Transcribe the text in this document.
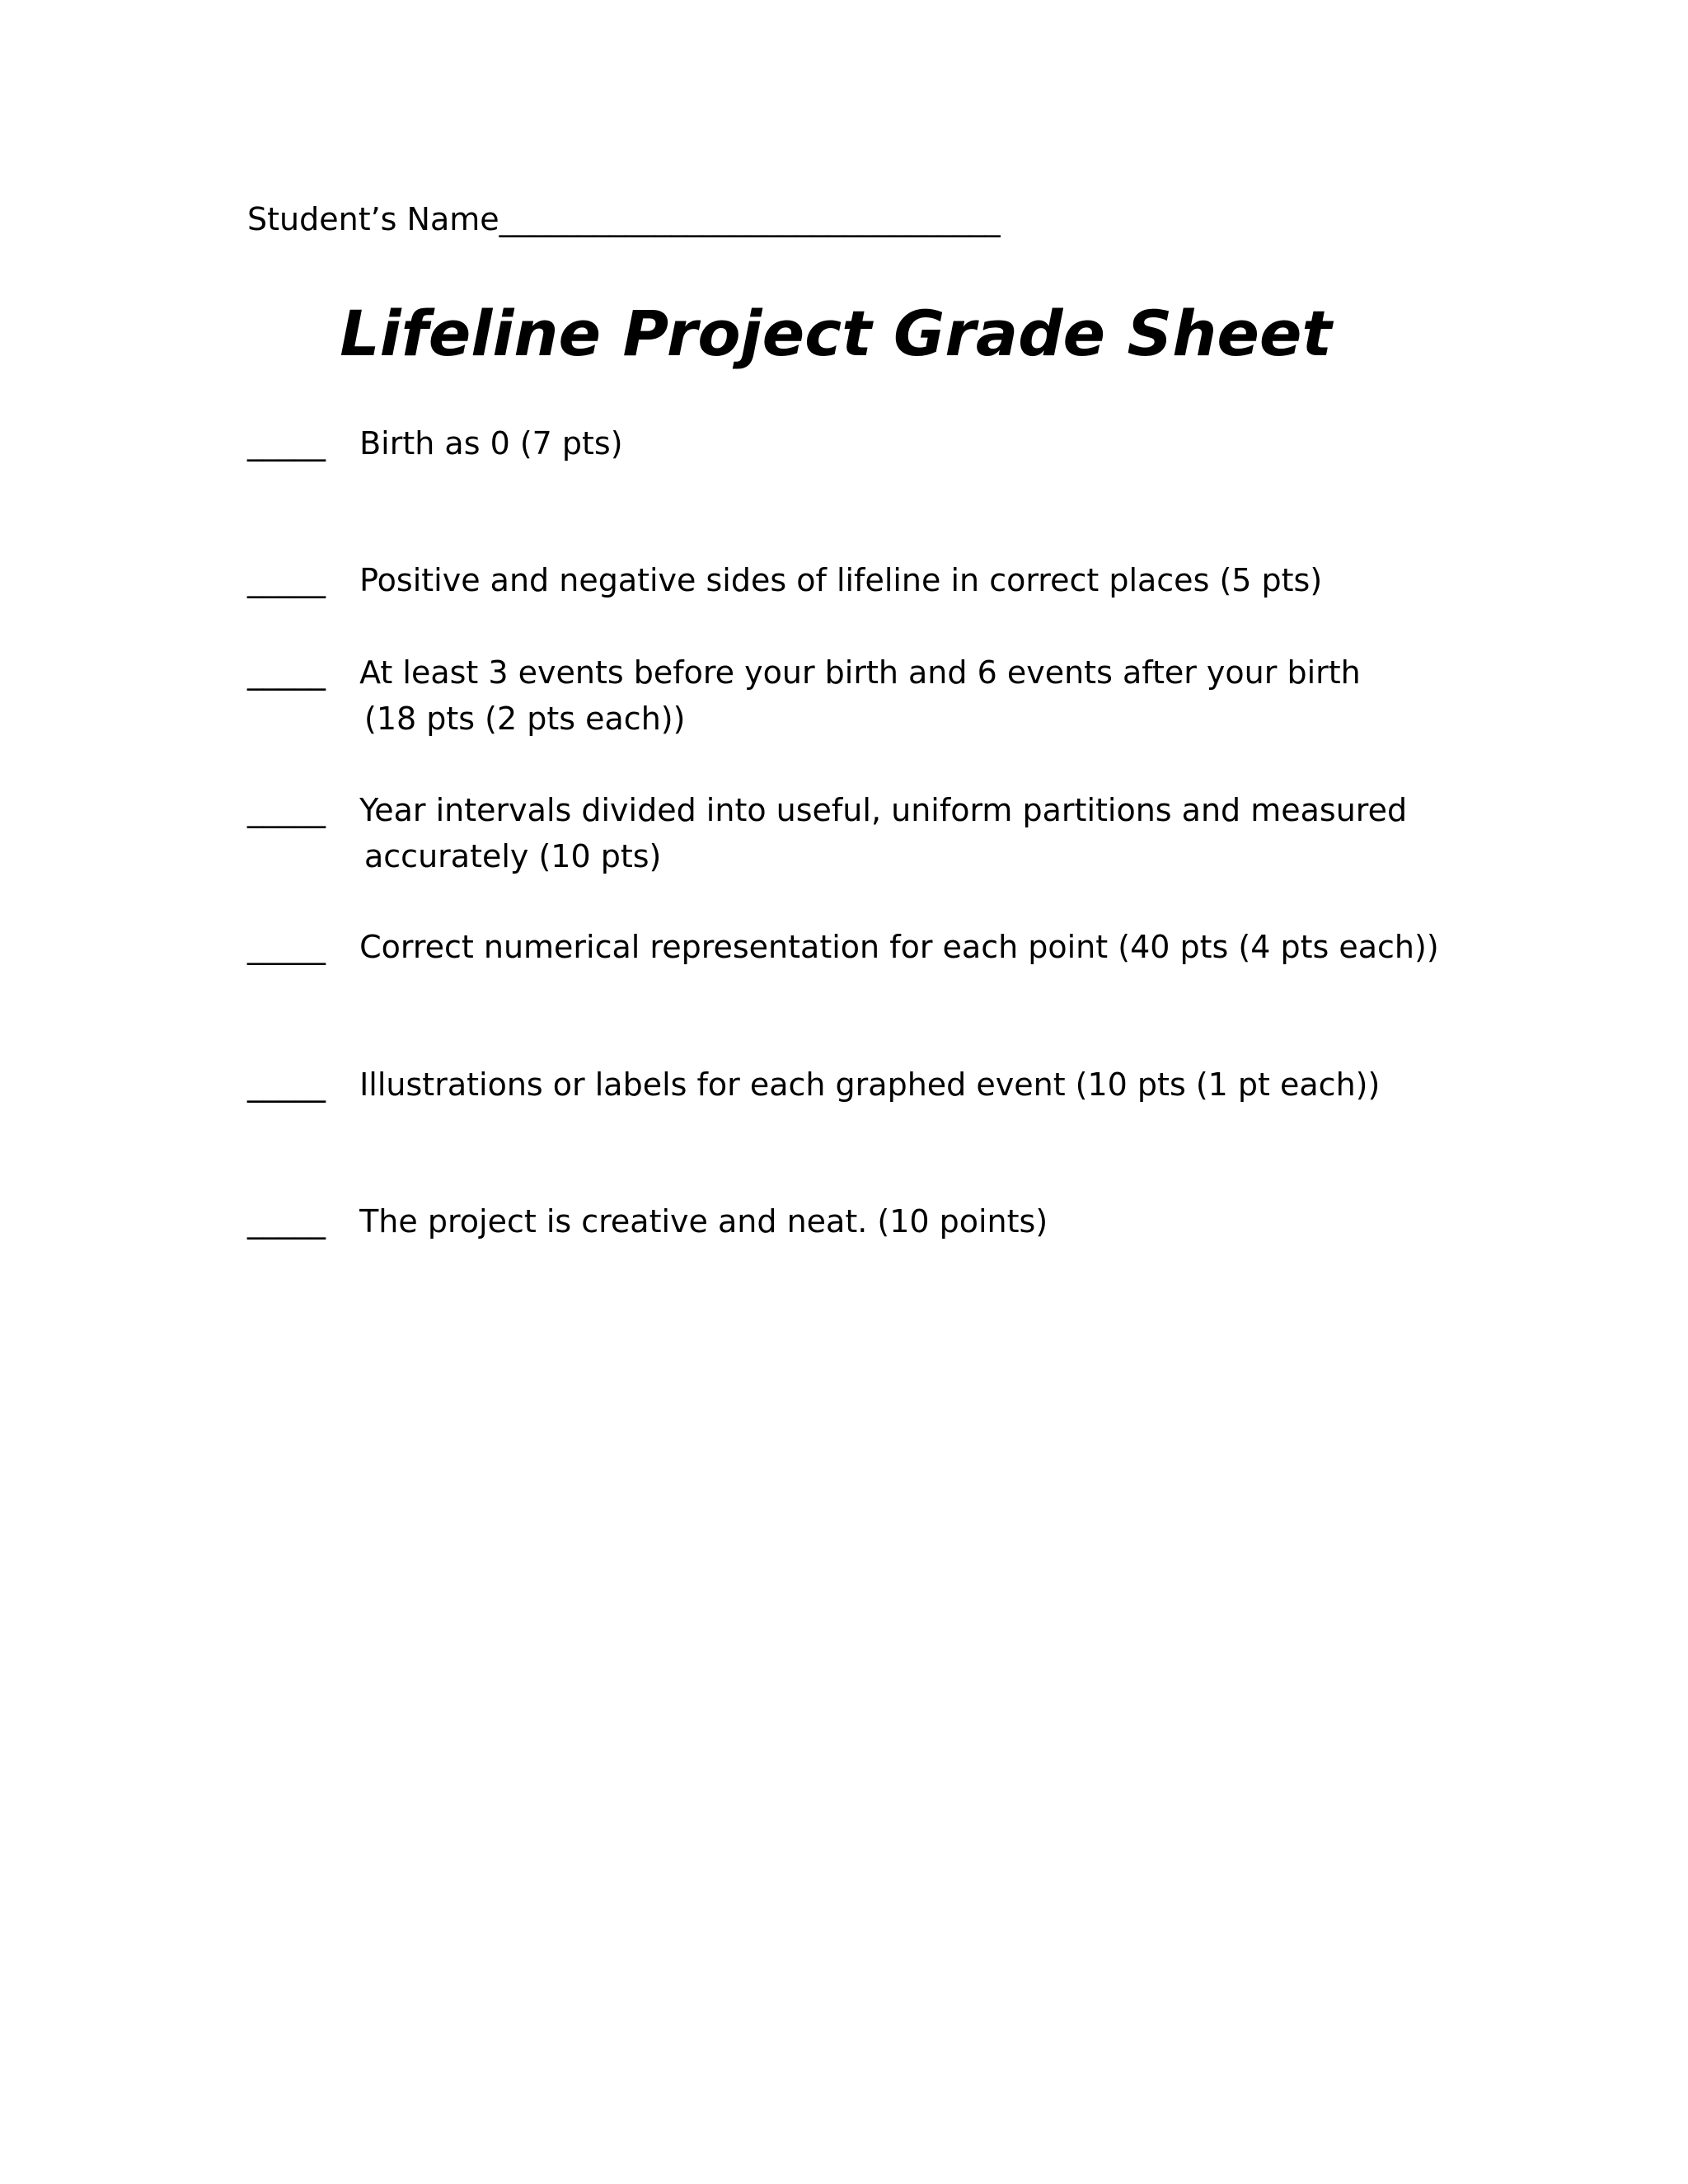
Student’s Name________________________________
Lifeline Project Grade Sheet
_____ Birth as 0 (7 pts)
_____ Positive and negative sides of lifeline in correct places (5 pts)
_____ At least 3 events before your birth and 6 events after your birth
(18 pts (2 pts each))
_____ Year intervals divided into useful, uniform partitions and measured
accurately (10 pts)
_____ Correct numerical representation for each point (40 pts (4 pts each))
_____ Illustrations or labels for each graphed event (10 pts (1 pt each))
_____ The project is creative and neat. (10 points)
